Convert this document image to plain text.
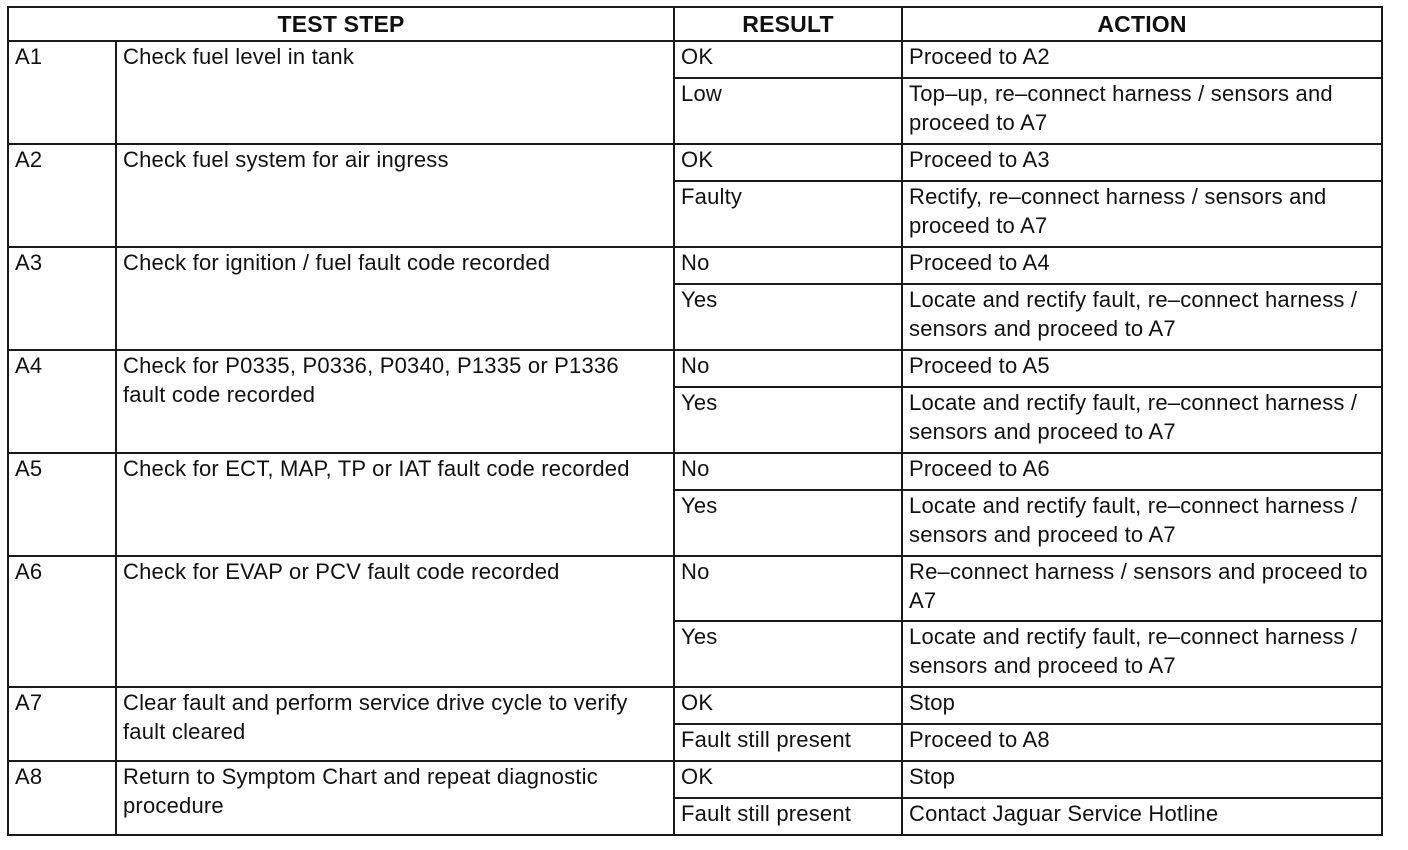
TEST STEP		RESULT	ACTION
A1	Check fuel level in tank	OK	Proceed to A2
		Low	Top–up, re–connect harness / sensors and proceed to A7
A2	Check fuel system for air ingress	OK	Proceed to A3
		Faulty	Rectify, re–connect harness / sensors and proceed to A7
A3	Check for ignition / fuel fault code recorded	No	Proceed to A4
		Yes	Locate and rectify fault, re–connect harness / sensors and proceed to A7
A4	Check for P0335, P0336, P0340, P1335 or P1336 fault code recorded	No	Proceed to A5
		Yes	Locate and rectify fault, re–connect harness / sensors and proceed to A7
A5	Check for ECT, MAP, TP or IAT fault code recorded	No	Proceed to A6
		Yes	Locate and rectify fault, re–connect harness / sensors and proceed to A7
A6	Check for EVAP or PCV fault code recorded	No	Re–connect harness / sensors and proceed to A7
		Yes	Locate and rectify fault, re–connect harness / sensors and proceed to A7
A7	Clear fault and perform service drive cycle to verify fault cleared	OK	Stop
		Fault still present	Proceed to A8
A8	Return to Symptom Chart and repeat diagnostic procedure	OK	Stop
		Fault still present	Contact Jaguar Service Hotline
